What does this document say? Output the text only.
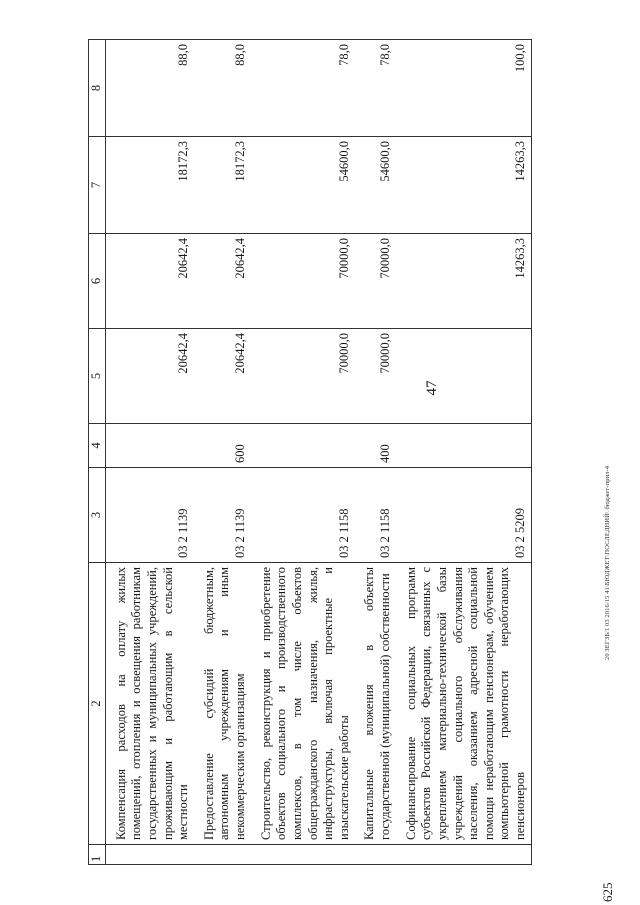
47
1	2	3	4	5	6	7	8
	Компенсация расходов на оплату жилых помещений, отопления и освещения работникам государственных и муниципальных учреждений, проживающим и работающим в сельской местности	03 2 1139		20642,4	20642,4	18172,3	88,0
	Предоставление субсидий бюджетным, автономным учреждениям и иным некоммерческим организациям	03 2 1139	600	20642,4	20642,4	18172,3	88,0
	Строительство, реконструкция и приобретение объектов социального и производственного комплексов, в том числе объектов общегражданского назначения, жилья, инфраструктуры, включая проектные и изыскательские работы	03 2 1158		70000,0	70000,0	54600,0	78,0
	Капитальные вложения в объекты государственной (муниципальной) собственности	03 2 1158	400	70000,0	70000,0	54600,0	78,0
	Софинансирование социальных программ субъектов Российской Федерации, связанных с укреплением материально-технической базы учреждений социального обслуживания населения, оказанием адресной социальной помощи неработающим пенсионерам, обучением компьютерной грамотности неработающих пенсионеров	03 2 5209			14263,3	14263,3	100,0
20 ЗЕГЗБ/1 03 2016/15 41\БЮДЖЕТ\ПОСЛЕДНИЙ\ бюджет-прил-4
625
